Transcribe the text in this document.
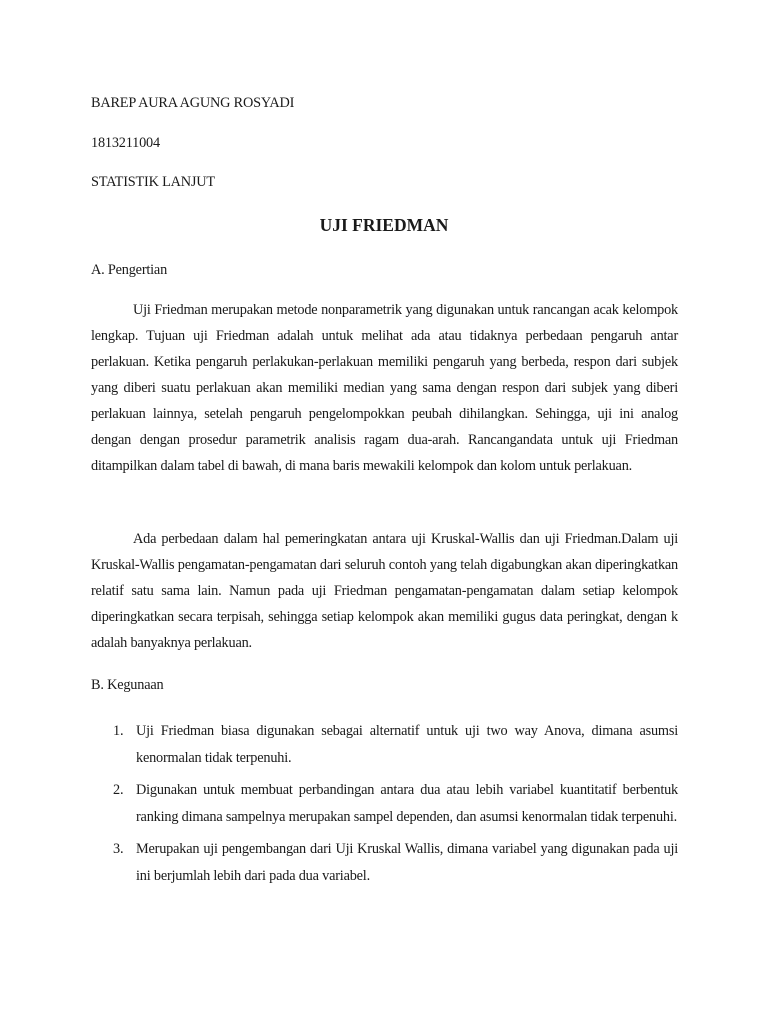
BAREP AURA AGUNG ROSYADI

1813211004

STATISTIK LANJUT

UJI FRIEDMAN

A. Pengertian

Uji Friedman merupakan metode nonparametrik yang digunakan untuk rancangan acak kelompok lengkap. Tujuan uji Friedman adalah untuk melihat ada atau tidaknya perbedaan pengaruh antar perlakuan. Ketika pengaruh perlakukan-perlakuan memiliki pengaruh yang berbeda, respon dari subjek yang diberi suatu perlakuan akan memiliki median yang sama dengan respon dari subjek yang diberi perlakuan lainnya, setelah pengaruh pengelompokkan peubah dihilangkan. Sehingga, uji ini analog dengan dengan prosedur parametrik analisis ragam dua-arah. Rancangandata untuk uji Friedman ditampilkan dalam tabel di bawah, di mana baris mewakili kelompok dan kolom untuk perlakuan.

Ada perbedaan dalam hal pemeringkatan antara uji Kruskal-Wallis dan uji Friedman.Dalam uji Kruskal-Wallis pengamatan-pengamatan dari seluruh contoh yang telah digabungkan akan diperingkatkan relatif satu sama lain. Namun pada uji Friedman pengamatan-pengamatan dalam setiap kelompok diperingkatkan secara terpisah, sehingga setiap kelompok akan memiliki gugus data peringkat, dengan k adalah banyaknya perlakuan.

B. Kegunaan

1. Uji Friedman biasa digunakan sebagai alternatif untuk uji two way Anova, dimana asumsi kenormalan tidak terpenuhi.
2. Digunakan untuk membuat perbandingan antara dua atau lebih variabel kuantitatif berbentuk ranking dimana sampelnya merupakan sampel dependen, dan asumsi kenormalan tidak terpenuhi.
3. Merupakan uji pengembangan dari Uji Kruskal Wallis, dimana variabel yang digunakan pada uji ini berjumlah lebih dari pada dua variabel.
